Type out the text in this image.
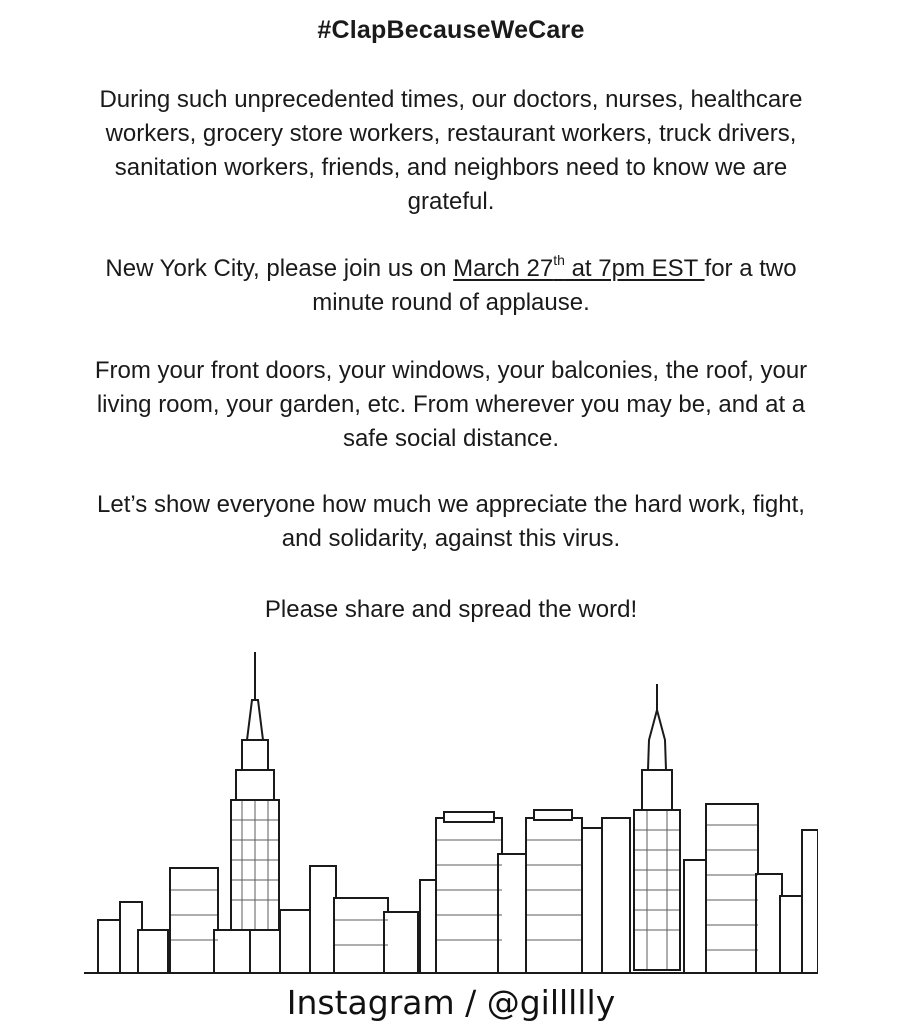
#ClapBecauseWeCare
During such unprecedented times, our doctors, nurses, healthcare workers, grocery store workers, restaurant workers, truck drivers, sanitation workers, friends, and neighbors need to know we are grateful.
New York City, please join us on March 27th at 7pm EST for a two minute round of applause.
From your front doors, your windows, your balconies, the roof, your living room, your garden, etc. From wherever you may be, and at a safe social distance.
Let’s show everyone how much we appreciate the hard work, fight, and solidarity, against this virus.
Please share and spread the word!
Instagram / @gillllly
